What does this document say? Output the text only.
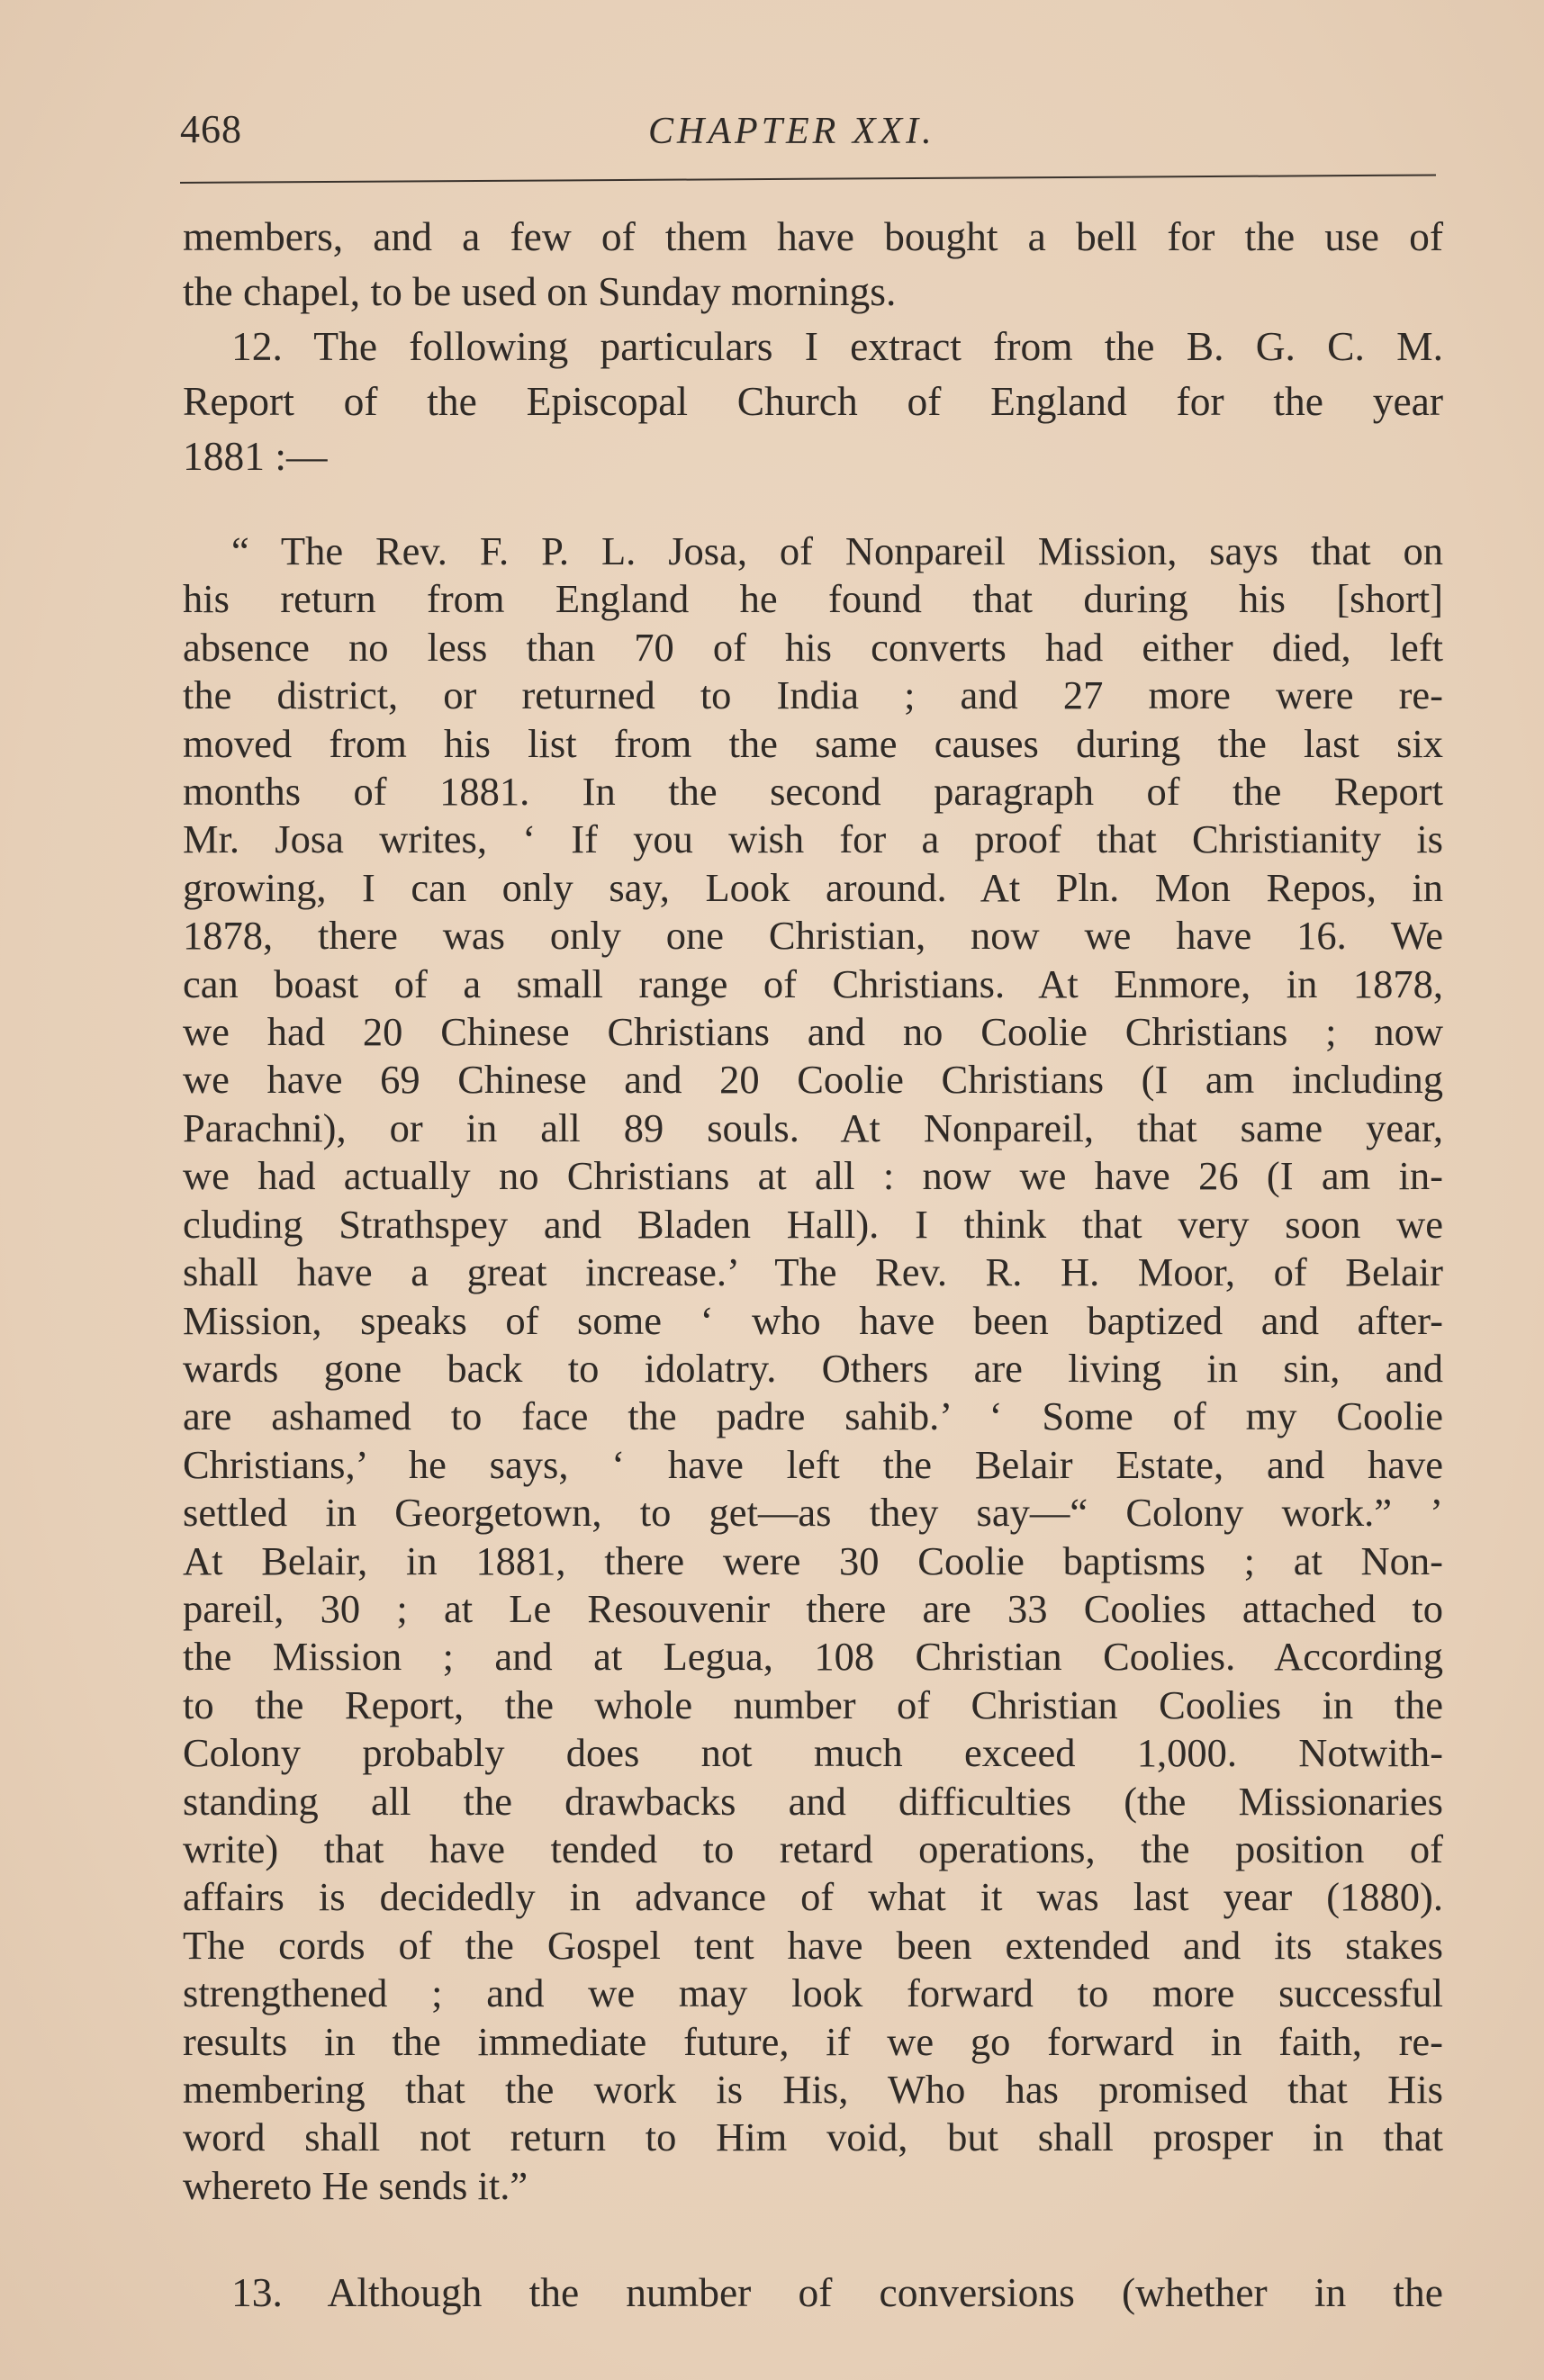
468	CHAPTER XXI.
members, and a few of them have bought a bell for the use of
the chapel, to be used on Sunday mornings.
12. The following particulars I extract from the B. G. C. M.
Report of the Episcopal Church of England for the year
1881 :—
“ The Rev. F. P. L. Josa, of Nonpareil Mission, says that on
his return from England he found that during his [short]
absence no less than 70 of his converts had either died, left
the district, or returned to India ; and 27 more were re-
moved from his list from the same causes during the last six
months of 1881. In the second paragraph of the Report
Mr. Josa writes, ‘ If you wish for a proof that Christianity is
growing, I can only say, Look around. At Pln. Mon Repos, in
1878, there was only one Christian, now we have 16. We
can boast of a small range of Christians. At Enmore, in 1878,
we had 20 Chinese Christians and no Coolie Christians ; now
we have 69 Chinese and 20 Coolie Christians (I am including
Parachni), or in all 89 souls. At Nonpareil, that same year,
we had actually no Christians at all : now we have 26 (I am in-
cluding Strathspey and Bladen Hall). I think that very soon we
shall have a great increase.’ The Rev. R. H. Moor, of Belair
Mission, speaks of some ‘ who have been baptized and after-
wards gone back to idolatry. Others are living in sin, and
are ashamed to face the padre sahib.’ ‘ Some of my Coolie
Christians,’ he says, ‘ have left the Belair Estate, and have
settled in Georgetown, to get—as they say—“ Colony work.” ’
At Belair, in 1881, there were 30 Coolie baptisms ; at Non-
pareil, 30 ; at Le Resouvenir there are 33 Coolies attached to
the Mission ; and at Legua, 108 Christian Coolies. According
to the Report, the whole number of Christian Coolies in the
Colony probably does not much exceed 1,000. Notwith-
standing all the drawbacks and difficulties (the Missionaries
write) that have tended to retard operations, the position of
affairs is decidedly in advance of what it was last year (1880).
The cords of the Gospel tent have been extended and its stakes
strengthened ; and we may look forward to more successful
results in the immediate future, if we go forward in faith, re-
membering that the work is His, Who has promised that His
word shall not return to Him void, but shall prosper in that
whereto He sends it.”
13. Although the number of conversions (whether in the
